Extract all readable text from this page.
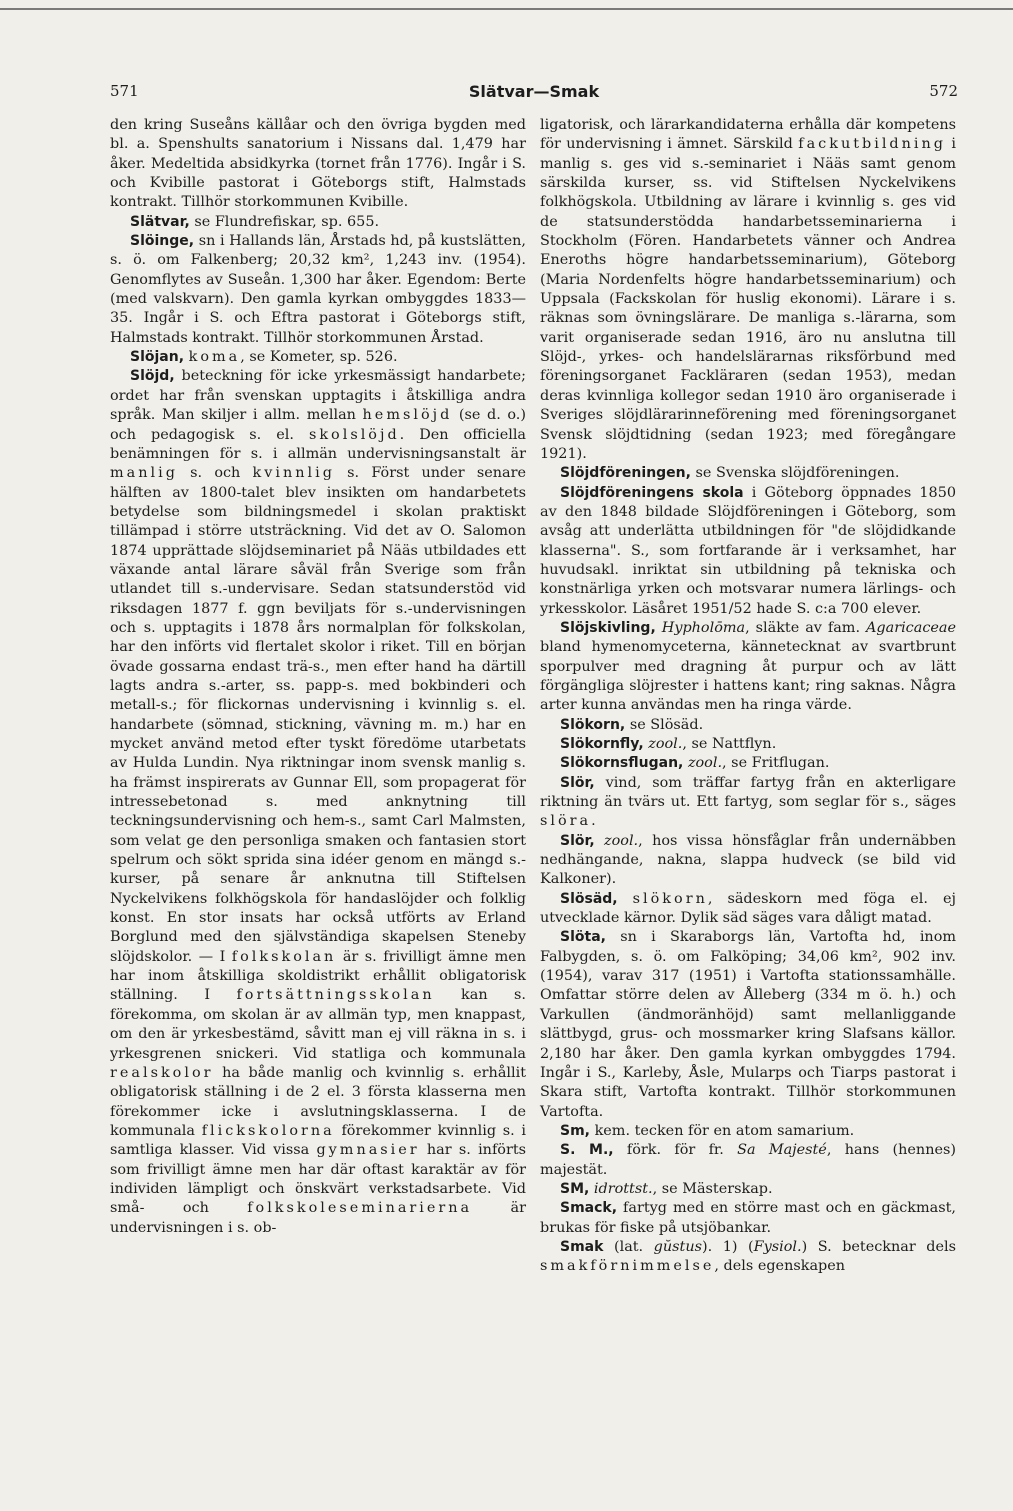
571	Slätvar—Smak	572

den kring Suseåns källåar och den övriga bygden med bl. a. Spenshults sanatorium i Nissans dal. 1,479 har åker. Medeltida absidkyrka (tornet från 1776). Ingår i S. och Kvibille pastorat i Göteborgs stift, Halmstads kontrakt. Tillhör storkommunen Kvibille.

Slätvar, se Flundrefiskar, sp. 655.

Slöinge, sn i Hallands län, Årstads hd, på kustslätten, s. ö. om Falkenberg; 20,32 km², 1,243 inv. (1954). Genomflytes av Suseån. 1,300 har åker. Egendom: Berte (med valskvarn). Den gamla kyrkan ombyggdes 1833—35. Ingår i S. och Eftra pastorat i Göteborgs stift, Halmstads kontrakt. Tillhör storkommunen Årstad.

Slöjan, koma, se Kometer, sp. 526.

Slöjd, beteckning för icke yrkesmässigt handarbete; ordet har från svenskan upptagits i åtskilliga andra språk. Man skiljer i allm. mellan hemslöjd (se d. o.) och pedagogisk s. el. skolslöjd. Den officiella benämningen för s. i allmän undervisningsanstalt är manlig s. och kvinnlig s. Först under senare hälften av 1800-talet blev insikten om handarbetets betydelse som bildningsmedel i skolan praktiskt tillämpad i större utsträckning. Vid det av O. Salomon 1874 upprättade slöjdseminariet på Nääs utbildades ett växande antal lärare såväl från Sverige som från utlandet till s.-undervisare. Sedan statsunderstöd vid riksdagen 1877 f. ggn beviljats för s.-undervisningen och s. upptagits i 1878 års normalplan för folkskolan, har den införts vid flertalet skolor i riket. Till en början övade gossarna endast trä-s., men efter hand ha därtill lagts andra s.-arter, ss. papp-s. med bokbinderi och metall-s.; för flickornas undervisning i kvinnlig s. el. handarbete (sömnad, stickning, vävning m. m.) har en mycket använd metod efter tyskt föredöme utarbetats av Hulda Lundin. Nya riktningar inom svensk manlig s. ha främst inspirerats av Gunnar Ell, som propagerat för intressebetonad s. med anknytning till teckningsundervisning och hem-s., samt Carl Malmsten, som velat ge den personliga smaken och fantasien stort spelrum och sökt sprida sina idéer genom en mängd s.-kurser, på senare år anknutna till Stiftelsen Nyckelvikens folkhögskola för handaslöjder och folklig konst. En stor insats har också utförts av Erland Borglund med den självständiga skapelsen Steneby slöjdskolor. — I folkskolan är s. frivilligt ämne men har inom åtskilliga skoldistrikt erhållit obligatorisk ställning. I fortsättningsskolan kan s. förekomma, om skolan är av allmän typ, men knappast, om den är yrkesbestämd, såvitt man ej vill räkna in s. i yrkesgrenen snickeri. Vid statliga och kommunala realskolor ha både manlig och kvinnlig s. erhållit obligatorisk ställning i de 2 el. 3 första klasserna men förekommer icke i avslutningsklasserna. I de kommunala flickskolorna förekommer kvinnlig s. i samtliga klasser. Vid vissa gymnasier har s. införts som frivilligt ämne men har där oftast karaktär av för individen lämpligt och önskvärt verkstadsarbete. Vid små- och folkskoleseminarierna är undervisningen i s. ob-

ligatorisk, och lärarkandidaterna erhålla där kompetens för undervisning i ämnet. Särskild fackutbildning i manlig s. ges vid s.-seminariet i Nääs samt genom särskilda kurser, ss. vid Stiftelsen Nyckelvikens folkhögskola. Utbildning av lärare i kvinnlig s. ges vid de statsunderstödda handarbetsseminarierna i Stockholm (Fören. Handarbetets vänner och Andrea Eneroths högre handarbetsseminarium), Göteborg (Maria Nordenfelts högre handarbetsseminarium) och Uppsala (Fackskolan för huslig ekonomi). Lärare i s. räknas som övningslärare. De manliga s.-lärarna, som varit organiserade sedan 1916, äro nu anslutna till Slöjd-, yrkes- och handelslärarnas riksförbund med föreningsorganet Fackläraren (sedan 1953), medan deras kvinnliga kollegor sedan 1910 äro organiserade i Sveriges slöjdlärarinneförening med föreningsorganet Svensk slöjdtidning (sedan 1923; med föregångare 1921).

Slöjdföreningen, se Svenska slöjdföreningen.

Slöjdföreningens skola i Göteborg öppnades 1850 av den 1848 bildade Slöjdföreningen i Göteborg, som avsåg att underlätta utbildningen för "de slöjdidkande klasserna". S., som fortfarande är i verksamhet, har huvudsakl. inriktat sin utbildning på tekniska och konstnärliga yrken och motsvarar numera lärlings- och yrkesskolor. Läsåret 1951/52 hade S. c:a 700 elever.

Slöjskivling, Hypholōma, släkte av fam. Agaricaceae bland hymenomyceterna, kännetecknat av svartbrunt sporpulver med dragning åt purpur och av lätt förgängliga slöjrester i hattens kant; ring saknas. Några arter kunna användas men ha ringa värde.

Slökorn, se Slösäd.

Slökornfly, zool., se Nattflyn.

Slökornsflugan, zool., se Fritflugan.

Slör, vind, som träffar fartyg från en akterligare riktning än tvärs ut. Ett fartyg, som seglar för s., säges slöra.

Slör, zool., hos vissa hönsfåglar från undernäbben nedhängande, nakna, slappa hudveck (se bild vid Kalkoner).

Slösäd, slökorn, sädeskorn med föga el. ej utvecklade kärnor. Dylik säd säges vara dåligt matad.

Slöta, sn i Skaraborgs län, Vartofta hd, inom Falbygden, s. ö. om Falköping; 34,06 km², 902 inv. (1954), varav 317 (1951) i Vartofta stationssamhälle. Omfattar större delen av Ålleberg (334 m ö. h.) och Varkullen (ändmoränhöjd) samt mellanliggande slättbygd, grus- och mossmarker kring Slafsans källor. 2,180 har åker. Den gamla kyrkan ombyggdes 1794. Ingår i S., Karleby, Åsle, Mularps och Tiarps pastorat i Skara stift, Vartofta kontrakt. Tillhör storkommunen Vartofta.

Sm, kem. tecken för en atom samarium.

S. M., förk. för fr. Sa Majesté, hans (hennes) majestät.

SM, idrottst., se Mästerskap.

Smack, fartyg med en större mast och en gäckmast, brukas för fiske på utsjöbankar.

Smak (lat. gŭstus). 1) (Fysiol.) S. betecknar dels smakförnimmelse, dels egenskapen
